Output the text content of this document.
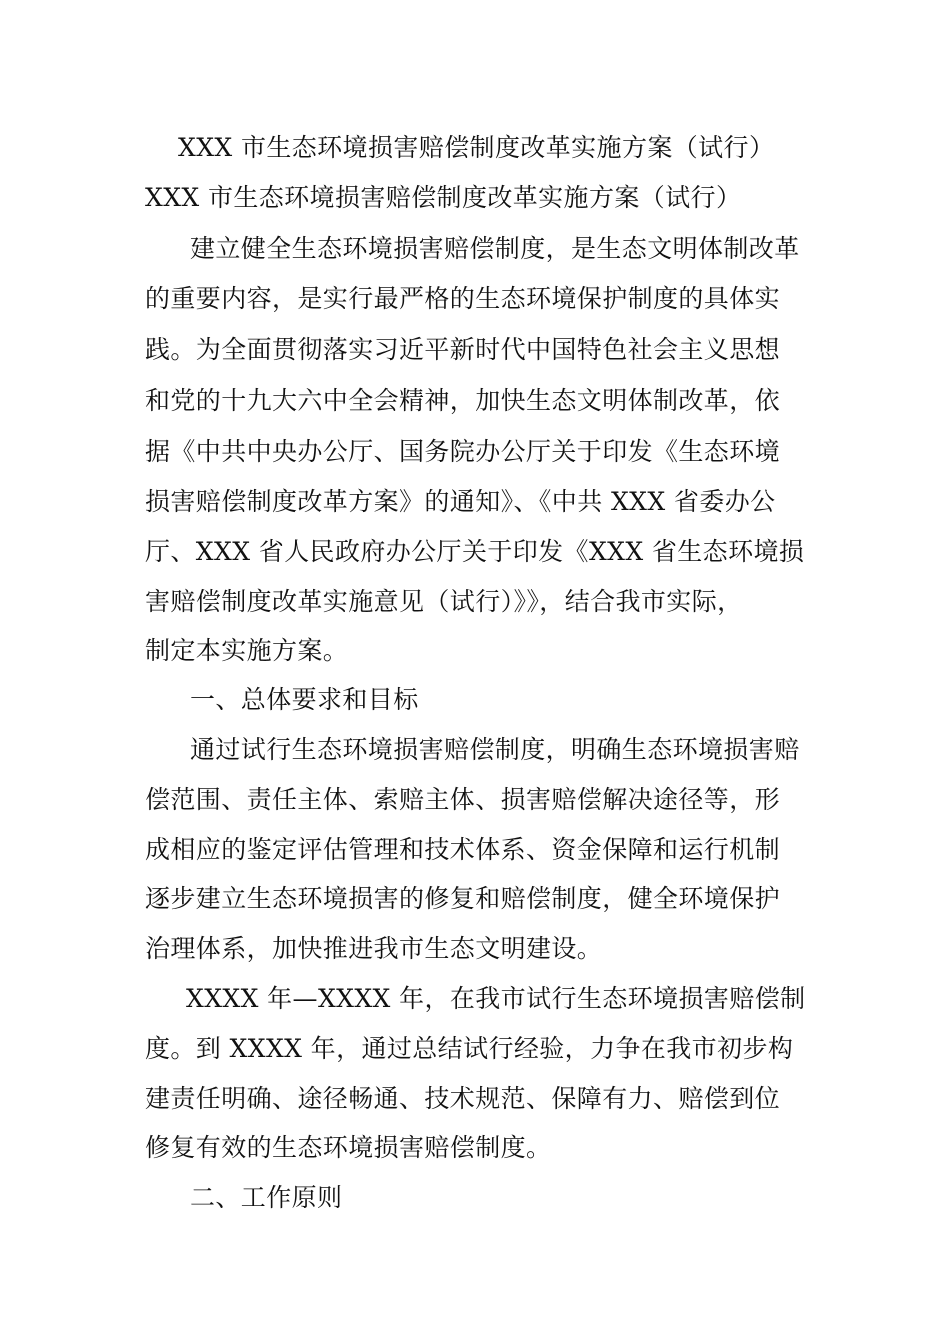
XXX 市生态环境损害赔偿制度改革实施方案（试行）
XXX 市生态环境损害赔偿制度改革实施方案（试行）
建立健全生态环境损害赔偿制度，是生态文明体制改革
的重要内容，是实行最严格的生态环境保护制度的具体实
践。为全面贯彻落实习近平新时代中国特色社会主义思想
和党的十九大六中全会精神，加快生态文明体制改革，依
据《中共中央办公厅、国务院办公厅关于印发《生态环境
损害赔偿制度改革方案》的通知》、《中共 XXX 省委办公
厅、XXX 省人民政府办公厅关于印发《XXX 省生态环境损
害赔偿制度改革实施意见（试行）》》，结合我市实际，
制定本实施方案。
一、总体要求和目标
通过试行生态环境损害赔偿制度，明确生态环境损害赔
偿范围、责任主体、索赔主体、损害赔偿解决途径等，形
成相应的鉴定评估管理和技术体系、资金保障和运行机制
逐步建立生态环境损害的修复和赔偿制度，健全环境保护
治理体系，加快推进我市生态文明建设。
XXXX 年—XXXX 年，在我市试行生态环境损害赔偿制
度。到 XXXX 年，通过总结试行经验，力争在我市初步构
建责任明确、途径畅通、技术规范、保障有力、赔偿到位
修复有效的生态环境损害赔偿制度。
二、工作原则
